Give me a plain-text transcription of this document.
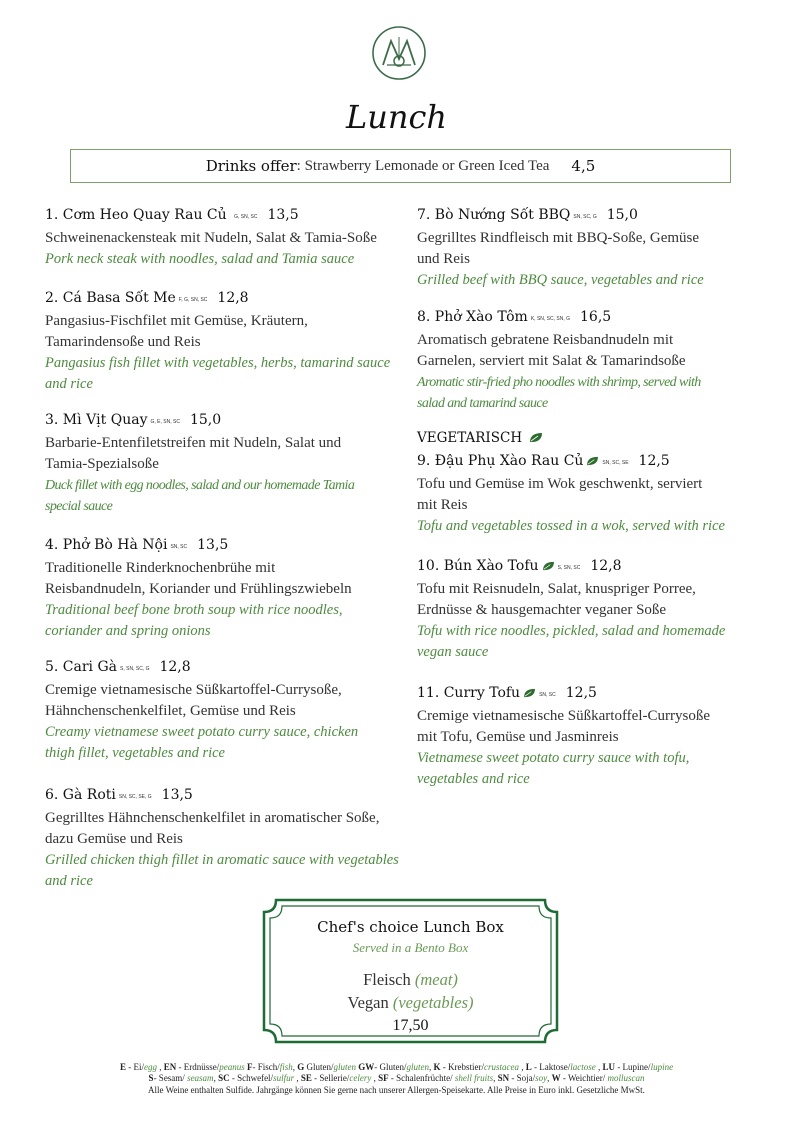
Lunch
Drinks offer : Strawberry Lemonade or Green Iced Tea 4,5
1. Cơm Heo Quay Rau Củ G, SN, SC 13,5
Schweinenackensteak mit Nudeln, Salat & Tamia-Soße
Pork neck steak with noodles, salad and Tamia sauce
2. Cá Basa Sốt Me F, G, SN, SC 12,8
Pangasius-Fischfilet mit Gemüse, Kräutern,
Tamarindensoße und Reis
Pangasius fish fillet with vegetables, herbs, tamarind sauce
and rice
3. Mì Vịt Quay G, E, SN, SC 15,0
Barbarie-Entenfiletstreifen mit Nudeln, Salat und
Tamia-Spezialsoße
Duck fillet with egg noodles, salad and our homemade Tamia
special sauce
4. Phở Bò Hà Nội SN, SC 13,5
Traditionelle Rinderknochenbrühe mit
Reisbandnudeln, Koriander und Frühlingszwiebeln
Traditional beef bone broth soup with rice noodles,
coriander and spring onions
5. Cari Gà S, SN, SC, G 12,8
Cremige vietnamesische Süßkartoffel-Currysoße,
Hähnchenschenkelfilet, Gemüse und Reis
Creamy vietnamese sweet potato curry sauce, chicken
thigh fillet, vegetables and rice
6. Gà Roti SN, SC, SE, G 13,5
Gegrilltes Hähnchenschenkelfilet in aromatischer Soße,
dazu Gemüse und Reis
Grilled chicken thigh fillet in aromatic sauce with vegetables
and rice
7. Bò Nướng Sốt BBQ SN, SC, G 15,0
Gegrilltes Rindfleisch mit BBQ-Soße, Gemüse
und Reis
Grilled beef with BBQ sauce, vegetables and rice
8. Phở Xào Tôm K, SN, SC, SN, G 16,5
Aromatisch gebratene Reisbandnudeln mit
Garnelen, serviert mit Salat & Tamarindsoße
Aromatic stir-fried pho noodles with shrimp, served with
salad and tamarind sauce
9. Đậu Phụ Xào Rau Củ	SN, SC, SE 12,5
Tofu und Gemüse im Wok geschwenkt, serviert
mit Reis
Tofu and vegetables tossed in a wok, served with rice
10. Bún Xào Tofu	S, SN, SC 12,8
Tofu mit Reisnudeln, Salat, knuspriger Porree,
Erdnüsse & hausgemachter veganer Soße
Tofu with rice noodles, pickled, salad and homemade
vegan sauce
11. Curry Tofu	SN, SC 12,5
Cremige vietnamesische Süßkartoffel-Currysoße
mit Tofu, Gemüse und Jasminreis
Vietnamese sweet potato curry sauce with tofu,
vegetables and rice
VEGETARISCH
Chef's choice Lunch Box
Served in a Bento Box
Fleisch (meat)
Vegan (vegetables)
17,50
E - Ei/egg , EN - Erdnüsse/peanus F- Fisch/fish, G Gluten/gluten GW- Gluten/gluten, K - Krebstier/crustacea , L - Laktose/lactose , LU - Lupine/lupine
S- Sesam/ seasam, SC - Schwefel/sulfur , SE - Sellerie/celery , SF - Schalenfrüchte/ shell fruits, SN - Soja/soy, W - Weichtier/ molluscan
Alle Weine enthalten Sulfide. Jahrgänge können Sie gerne nach unserer Allergen-Speisekarte. Alle Preise in Euro inkl. Gesetzliche MwSt.
